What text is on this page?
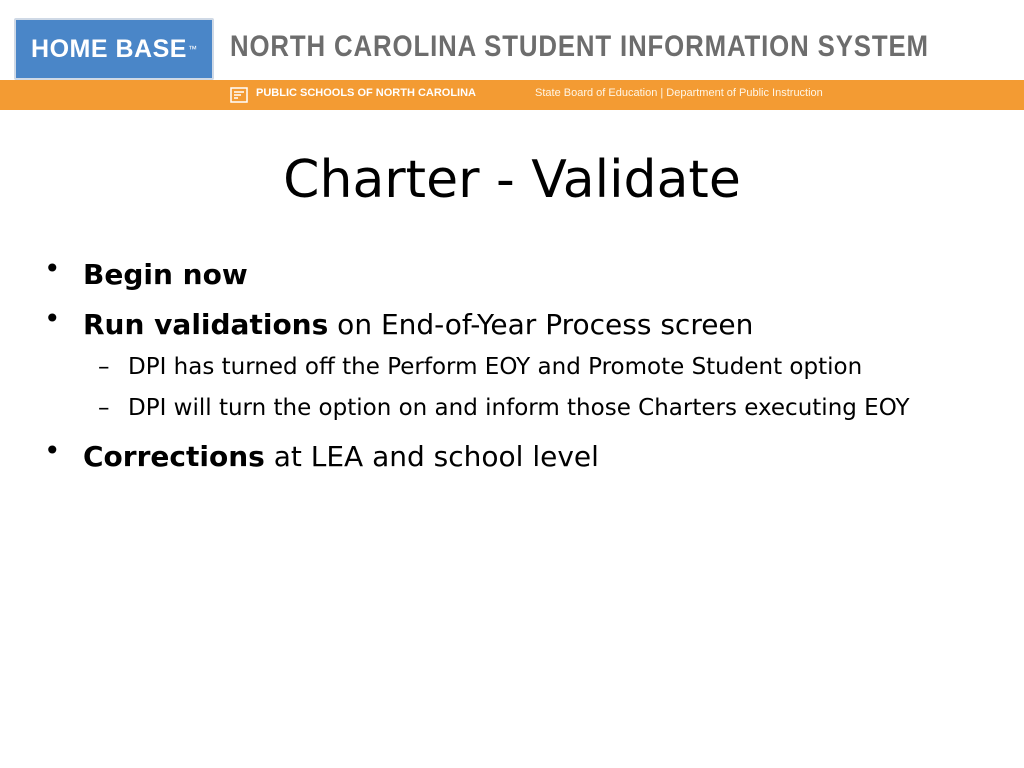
HOME BASE ™ NORTH CAROLINA STUDENT INFORMATION SYSTEM
PUBLIC SCHOOLS OF NORTH CAROLINA	State Board of Education | Department of Public Instruction
Charter - Validate
• Begin now
• Run validations on End-of-Year Process screen
– DPI has turned off the Perform EOY and Promote Student option
– DPI will turn the option on and inform those Charters executing EOY
• Corrections at LEA and school level
